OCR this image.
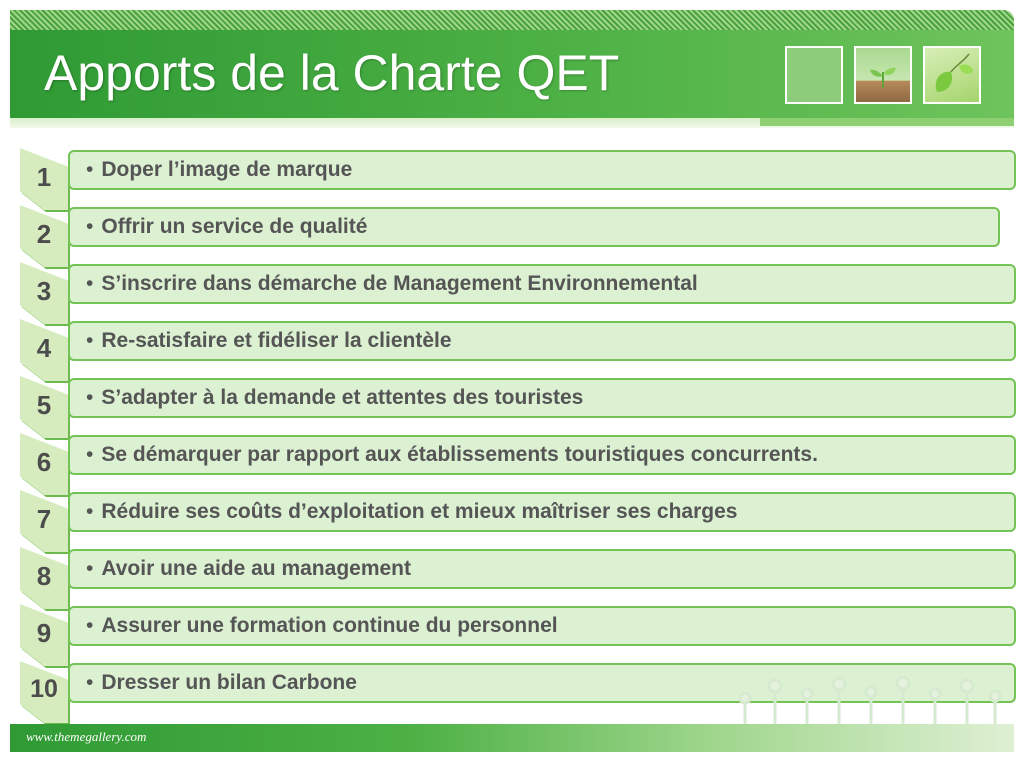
Apports de la Charte QET
1	• Doper l’image de marque
2	• Offrir un service de qualité
3	• S’inscrire dans démarche de Management Environnemental
4	• Re-satisfaire et fidéliser la clientèle
5	• S’adapter à la demande et attentes des touristes
6	• Se démarquer par rapport aux établissements touristiques concurrents.
7	• Réduire ses coûts d’exploitation et mieux maîtriser ses charges
8	• Avoir une aide au management
9	• Assurer une formation continue du personnel
10	• Dresser un bilan Carbone
www.themegallery.com
